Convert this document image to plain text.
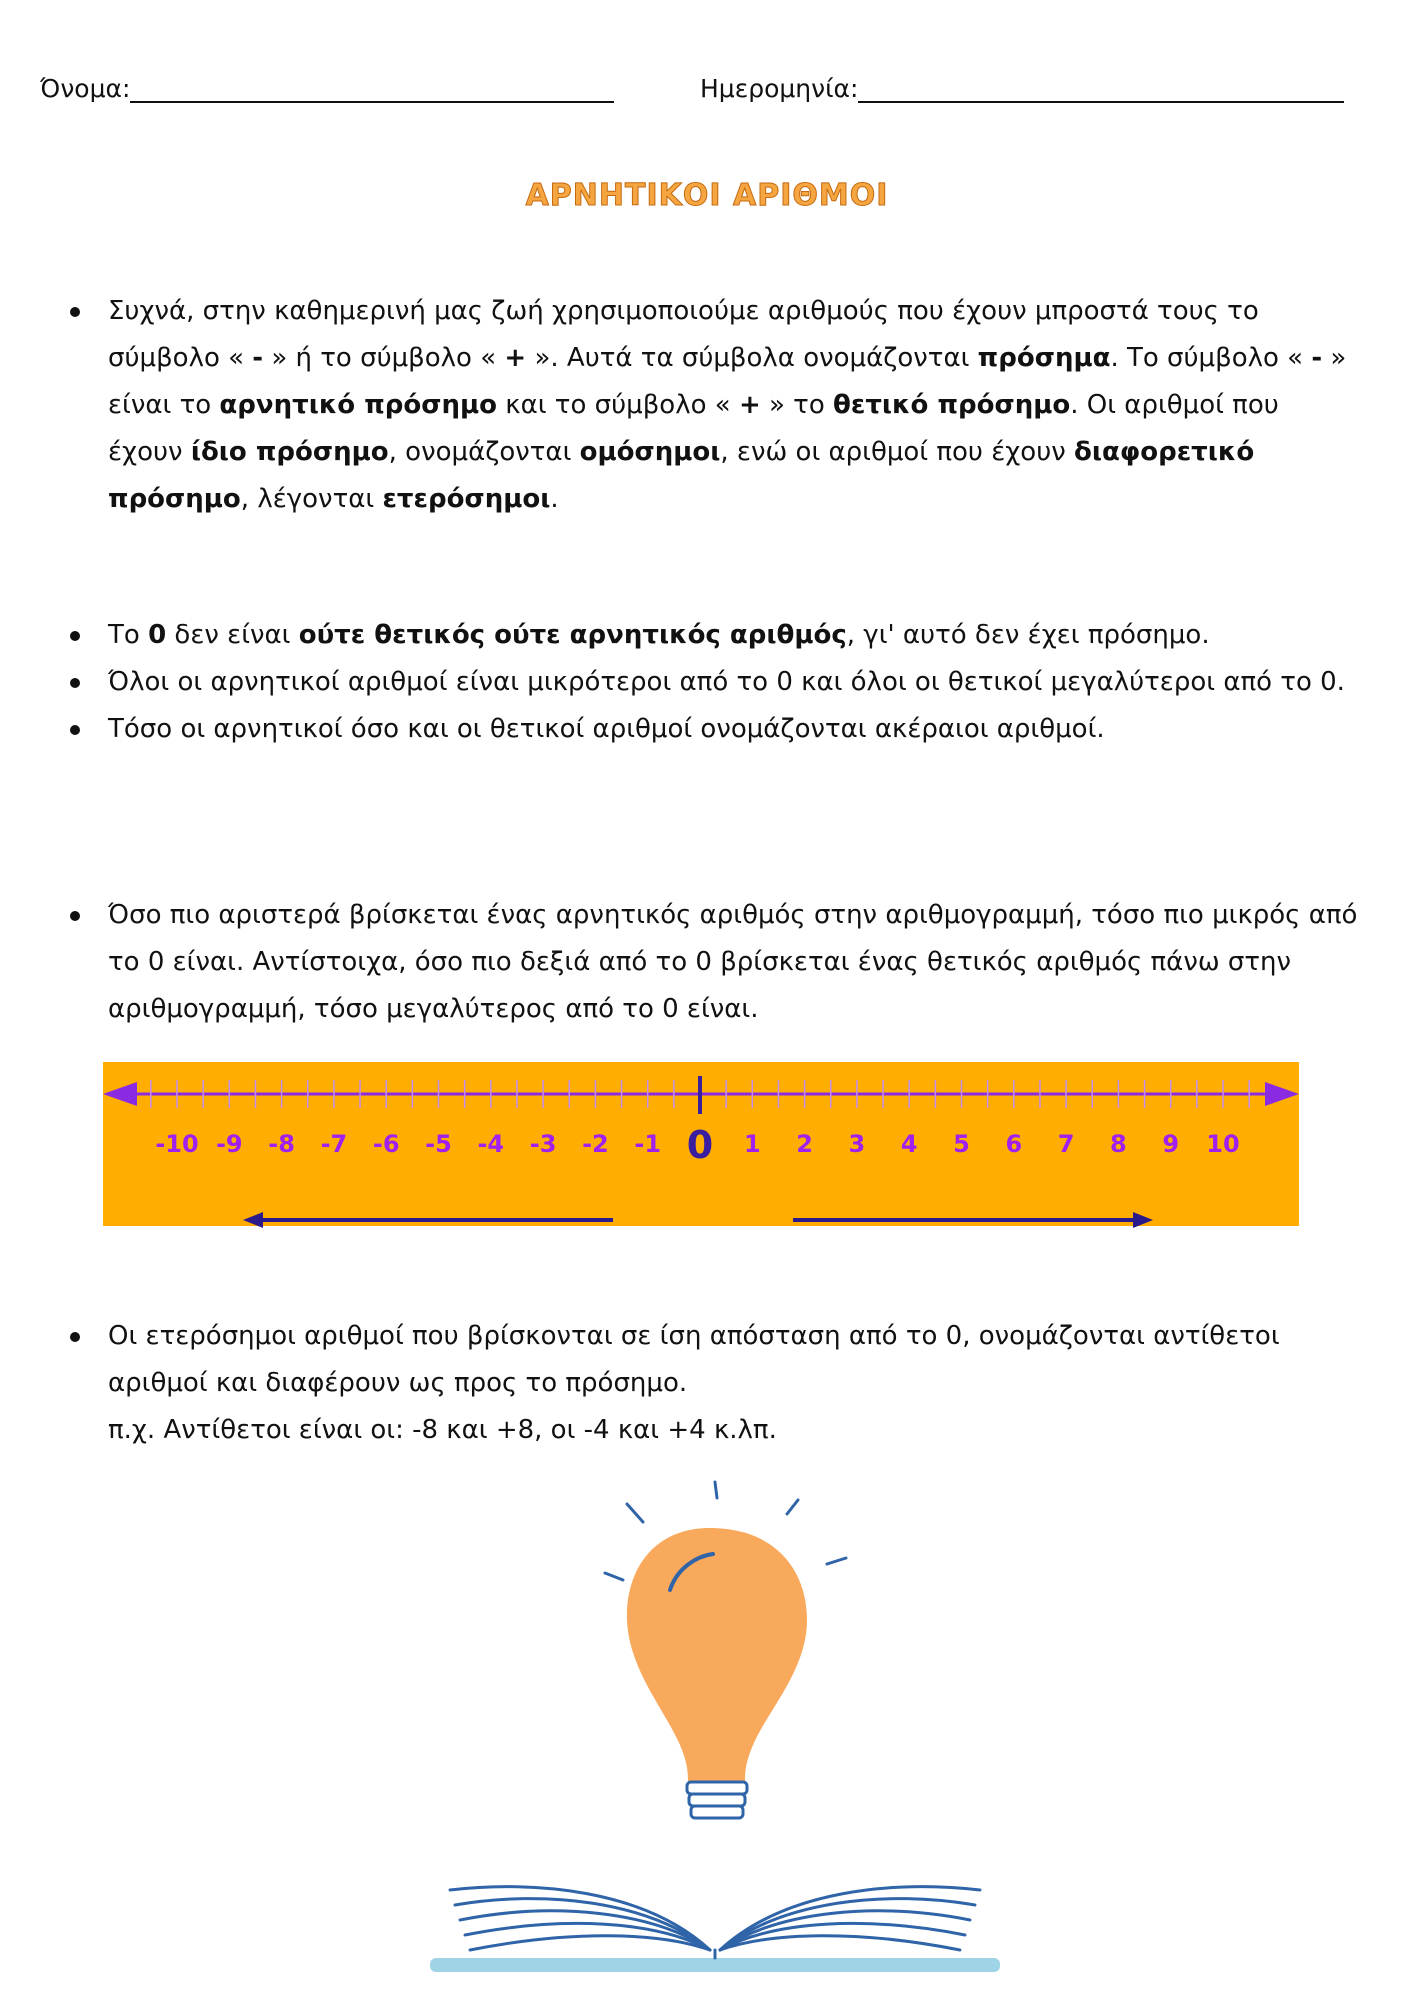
Όνομα:	Ημερομηνία:
ΑΡΝΗΤΙΚΟΙ ΑΡΙΘΜΟΙ
Συχνά, στην καθημερινή μας ζωή χρησιμοποιούμε αριθμούς που έχουν μπροστά τους το σύμβολο « - » ή το σύμβολο « + ». Αυτά τα σύμβολα ονομάζονται πρόσημα. Το σύμβολο « - » είναι το αρνητικό πρόσημο και το σύμβολο « + » το θετικό πρόσημο. Οι αριθμοί που έχουν ίδιο πρόσημο, ονομάζονται ομόσημοι, ενώ οι αριθμοί που έχουν διαφορετικό πρόσημο, λέγονται ετερόσημοι.
Το 0 δεν είναι ούτε θετικός ούτε αρνητικός αριθμός, γι' αυτό δεν έχει πρόσημο.
Όλοι οι αρνητικοί αριθμοί είναι μικρότεροι από το 0 και όλοι οι θετικοί μεγαλύτεροι από το 0.
Τόσο οι αρνητικοί όσο και οι θετικοί αριθμοί ονομάζονται ακέραιοι αριθμοί.
Όσο πιο αριστερά βρίσκεται ένας αρνητικός αριθμός στην αριθμογραμμή, τόσο πιο μικρός από το 0 είναι. Αντίστοιχα, όσο πιο δεξιά από το 0 βρίσκεται ένας θετικός αριθμός πάνω στην αριθμογραμμή, τόσο μεγαλύτερος από το 0 είναι.
-10 -9 -8 -7 -6 -5 -4 -3 -2 -1 0 1 2 3 4 5 6 7 8 9 10
Οι ετερόσημοι αριθμοί που βρίσκονται σε ίση απόσταση από το 0, ονομάζονται αντίθετοι αριθμοί και διαφέρουν ως προς το πρόσημο.
π.χ. Αντίθετοι είναι οι: -8 και +8, οι -4 και +4 κ.λπ.
